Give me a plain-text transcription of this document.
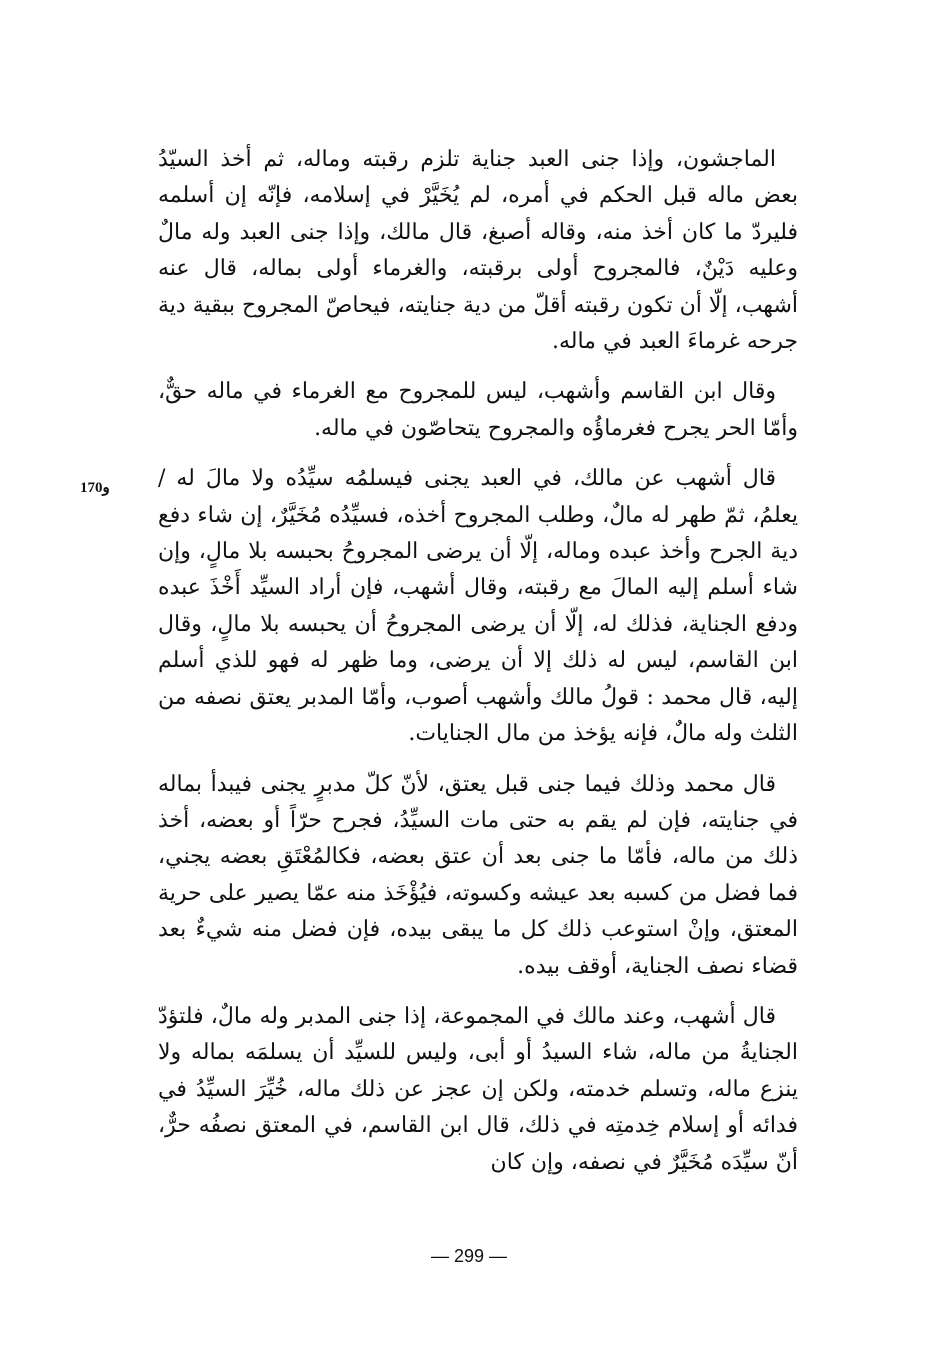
170و

الماجشون، وإذا جنى العبد جناية تلزم رقبته وماله، ثم أخذ السيّدُ بعض ماله قبل الحكم في أمره، لم يُخَيَّرْ في إسلامه، فإنّه إن أسلمه فليردّ ما كان أخذ منه، وقاله أصبغ، قال مالك، وإذا جنى العبد وله مالٌ وعليه دَيْنٌ، فالمجروح أولى برقبته، والغرماء أولى بماله، قال عنه أشهب، إلّا أن تكون رقبته أقلّ من دية جنايته، فيحاصّ المجروح ببقية دية جرحه غرماءَ العبد في ماله.

وقال ابن القاسم وأشهب، ليس للمجروح مع الغرماء في ماله حقٌّ، وأمّا الحر يجرح فغرماؤُه والمجروح يتحاصّون في ماله.

قال أشهب عن مالك، في العبد يجنى فيسلمُه سيِّدُه ولا مالَ له / يعلمُ، ثمّ طهر له مالٌ، وطلب المجروح أخذه، فسيِّدُه مُخَيَّرٌ، إن شاء دفع دية الجرح وأخذ عبده وماله، إلّا أن يرضى المجروحُ بحبسه بلا مالٍ، وإن شاء أسلم إليه المالَ مع رقبته، وقال أشهب، فإن أراد السيِّد أَخْذَ عبده ودفع الجناية، فذلك له، إلّا أن يرضى المجروحُ أن يحبسه بلا مالٍ، وقال ابن القاسم، ليس له ذلك إلا أن يرضى، وما ظهر له فهو للذي أسلم إليه، قال محمد : قولُ مالك وأشهب أصوب، وأمّا المدبر يعتق نصفه من الثلث وله مالٌ، فإنه يؤخذ من مال الجنايات.

قال محمد وذلك فيما جنى قبل يعتق، لأنّ كلّ مدبرٍ يجنى فيبدأ بماله في جنايته، فإن لم يقم به حتى مات السيِّدُ، فجرح حرّاً أو بعضه، أخذ ذلك من ماله، فأمّا ما جنى بعد أن عتق بعضه، فكالمُعْتَقِ بعضه يجني، فما فضل من كسبه بعد عيشه وكسوته، فيُؤْخَذ منه عمّا يصير على حرية المعتق، وإنْ استوعب ذلك كل ما يبقى بيده، فإن فضل منه شيءٌ بعد قضاء نصف الجناية، أوقف بيده.

قال أشهب، وعند مالك في المجموعة، إذا جنى المدبر وله مالٌ، فلتؤدّ الجنايةُ من ماله، شاء السيدُ أو أبى، وليس للسيِّد أن يسلمَه بماله ولا ينزع ماله، وتسلم خدمته، ولكن إن عجز عن ذلك ماله، خُيِّرَ السيِّدُ في فدائه أو إسلام خِدمتِه في ذلك، قال ابن القاسم، في المعتق نصفُه حرٌّ، أنّ سيِّدَه مُخَيَّرٌ في نصفه، وإن كان

— 299 —
